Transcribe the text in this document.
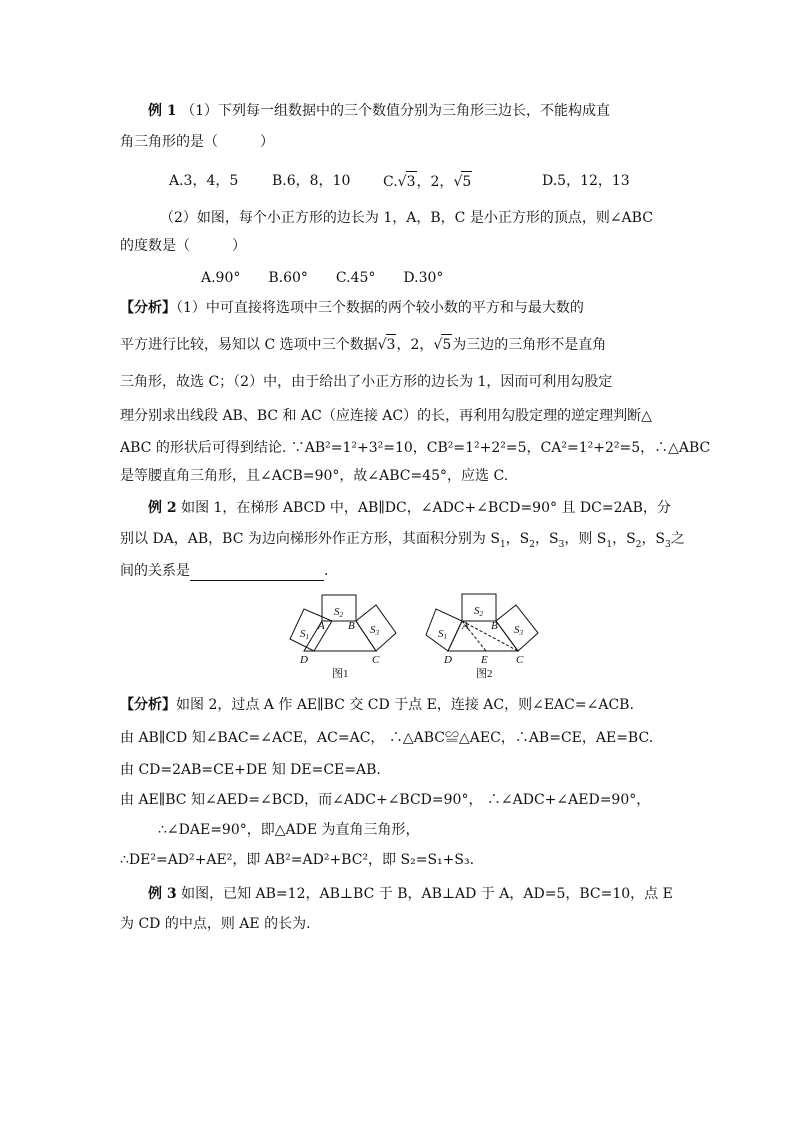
例 1 （1）下列每一组数据中的三个数值分别为三角形三边长，不能构成直
角三角形的是（　　　）
A.3，4，5 B.6，8，10 C.√3，2，√5	D.5，12，13
（2）如图，每个小正方形的边长为 1，A，B，C 是小正方形的顶点，则∠ABC
的度数是（　　　）
A.90°　　B.60°　　C.45°　　D.30°
【分析】（1）中可直接将选项中三个数据的两个较小数的平方和与最大数的
平方进行比较，易知以 C 选项中三个数据√3，2，√5为三边的三角形不是直角
三角形，故选 C；（2）中，由于给出了小正方形的边长为 1，因而可利用勾股定
理分别求出线段 AB、BC 和 AC（应连接 AC）的长，再利用勾股定理的逆定理判断△
ABC 的形状后可得到结论. ∵AB²=1²+3²=10，CB²=1²+2²=5，CA²=1²+2²=5，∴△ABC
是等腰直角三角形，且∠ACB=90°，故∠ABC=45°，应选 C.
例 2 如图 1，在梯形 ABCD 中，AB∥DC，∠ADC+∠BCD=90° 且 DC=2AB，分
别以 DA，AB，BC 为边向梯形外作正方形，其面积分别为 $S_1$，$S_2$，$S_3$，则 $S_1$，$S_2$，$S_3$之
间的关系是	.
S2
S1
S3
A B
D	C
S2
S1
S3
A B
D	E	C
图1	图2
【分析】如图 2，过点 A 作 AE∥BC 交 CD 于点 E，连接 AC，则∠EAC=∠ACB.
由 AB∥CD 知∠BAC=∠ACE，AC=AC， ∴△ABC≌△AEC，∴AB=CE，AE=BC.
由 CD=2AB=CE+DE 知 DE=CE=AB.
由 AE∥BC 知∠AED=∠BCD，而∠ADC+∠BCD=90°， ∴∠ADC+∠AED=90°，
∴∠DAE=90°，即△ADE 为直角三角形，
∴DE²=AD²+AE²，即 AB²=AD²+BC²，即 S₂=S₁+S₃.
例 3 如图，已知 AB=12，AB⊥BC 于 B，AB⊥AD 于 A，AD=5，BC=10，点 E
为 CD 的中点，则 AE 的长为.
